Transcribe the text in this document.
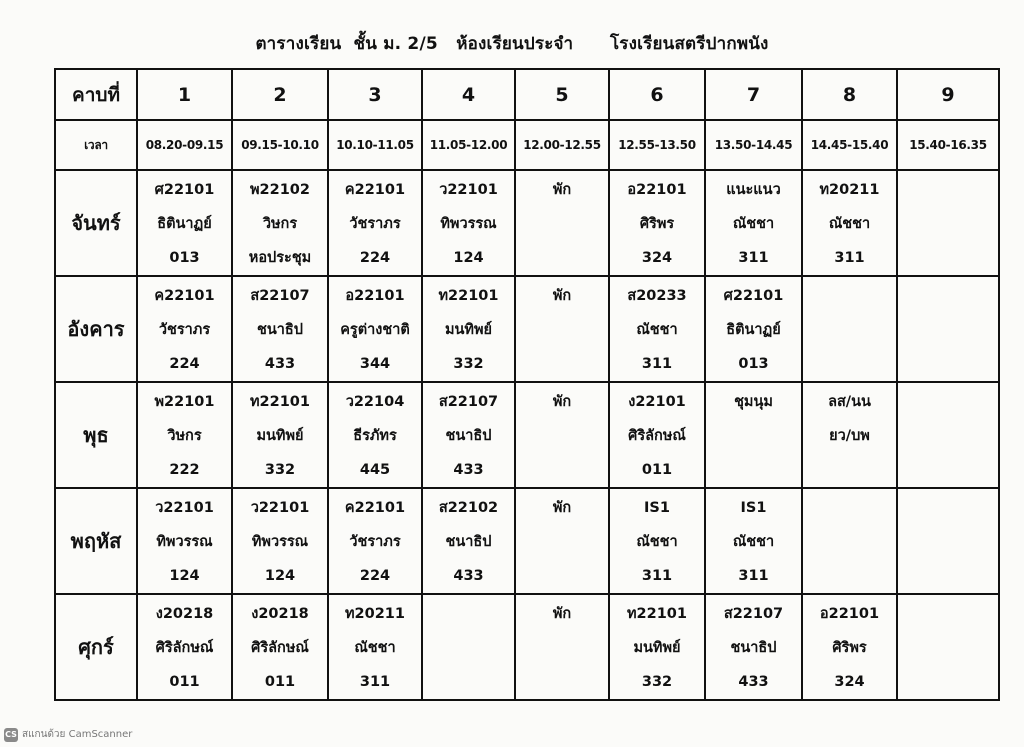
ตารางเรียน  ชั้น ม. 2/5   ห้องเรียนประจำ      โรงเรียนสตรีปากพนัง
คาบที่	1	2	3	4	5	6	7	8	9
เวลา	08.20-09.15	09.15-10.10	10.10-11.05	11.05-12.00	12.00-12.55	12.55-13.50	13.50-14.45	14.45-15.40	15.40-16.35
จันทร์	ศ22101
ธิตินาฏย์
013	พ22102
วิษกร
หอประชุม	ค22101
วัชราภร
224	ว22101
ทิพวรรณ
124	พัก	อ22101
ศิริพร
324	แนะแนว
ณัชชา
311	ท20211
ณัชชา
311	

อังคาร	ค22101
วัชราภร
224	ส22107
ชนาธิป
433	อ22101
ครูต่างชาติ
344	ท22101
มนทิพย์
332	พัก	ส20233
ณัชชา
311	ศ22101
ธิตินาฏย์
013		

พุธ	พ22101
วิษกร
222	ท22101
มนทิพย์
332	ว22104
ธีรภัทร
445	ส22107
ชนาธิป
433	พัก	ง22101
ศิริลักษณ์
011	ชุมนุม	ลส/นน
ยว/บพ	

พฤหัส	ว22101
ทิพวรรณ
124	ว22101
ทิพวรรณ
124	ค22101
วัชราภร
224	ส22102
ชนาธิป
433	พัก	IS1
ณัชชา
311	IS1
ณัชชา
311		

ศุกร์	ง20218
ศิริลักษณ์
011	ง20218
ศิริลักษณ์
011	ท20211
ณัชชา
311		พัก	ท22101
มนทิพย์
332	ส22107
ชนาธิป
433	อ22101
ศิริพร
324	

CS สแกนด้วย CamScanner
